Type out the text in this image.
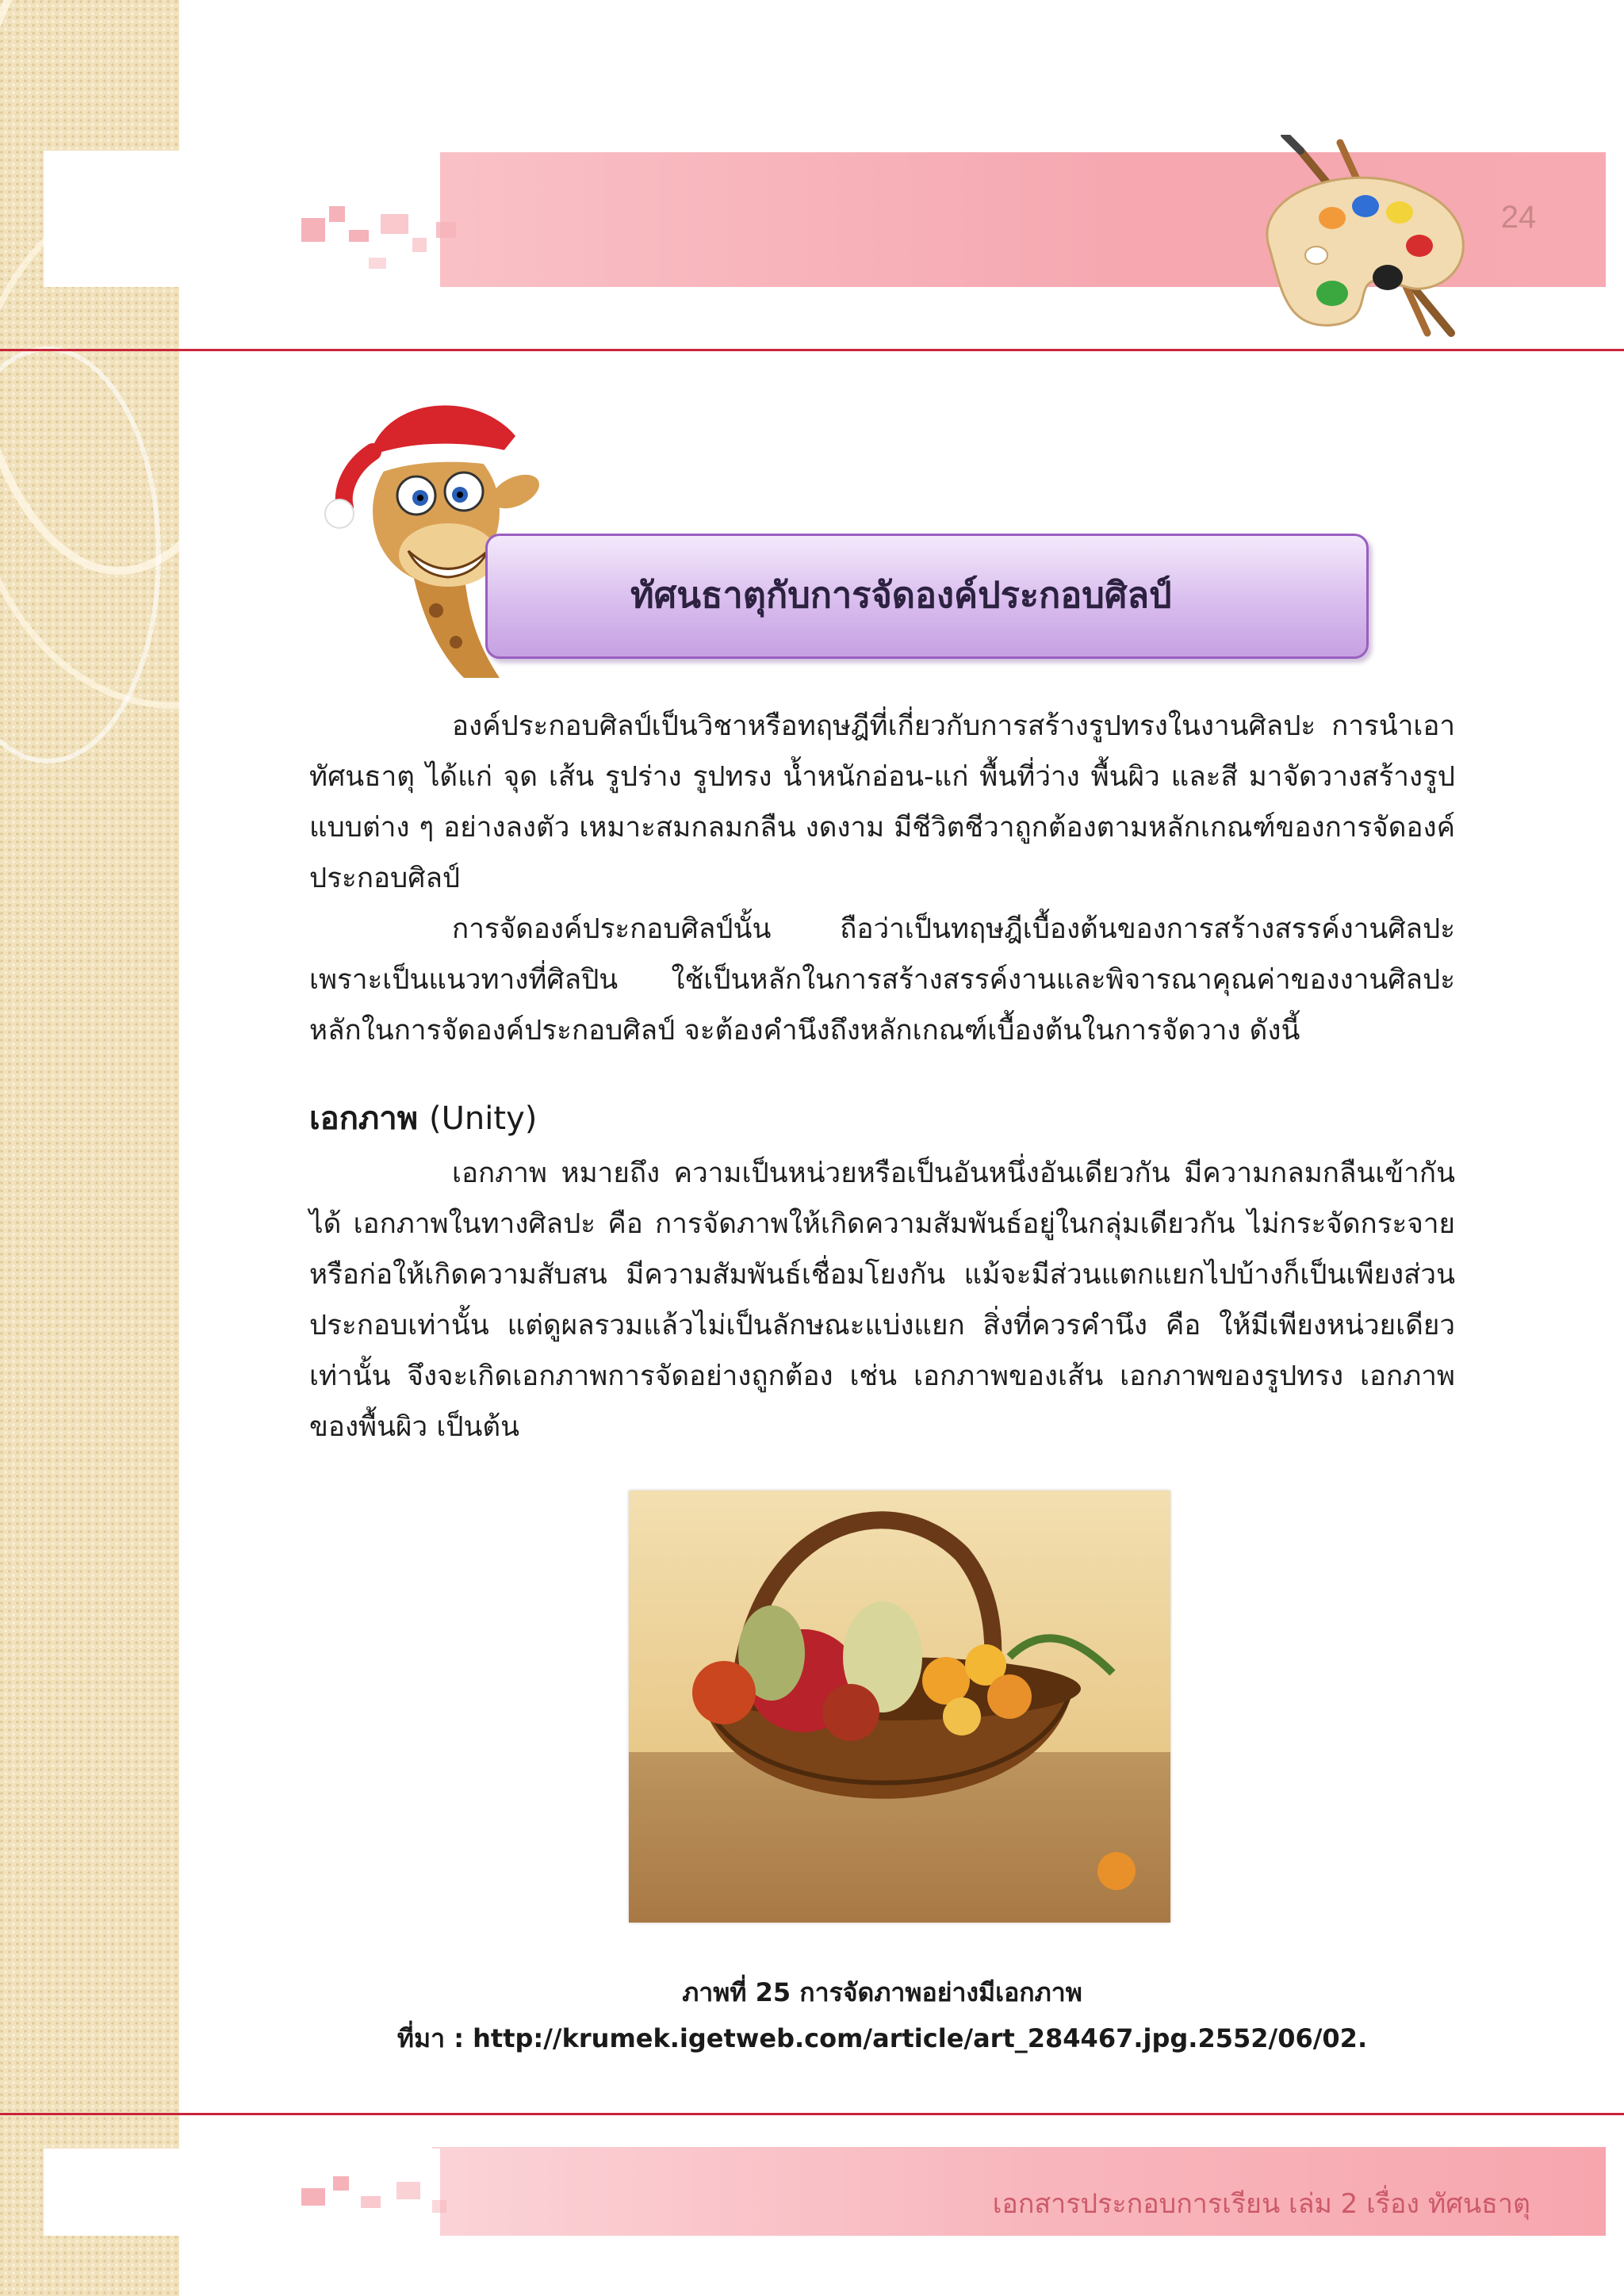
24
ทัศนธาตุกับการจัดองค์ประกอบศิลป์

องค์ประกอบศิลป์เป็นวิชาหรือทฤษฎีที่เกี่ยวกับการสร้างรูปทรงในงานศิลปะ การนำเอาทัศนธาตุ ได้แก่ จุด เส้น รูปร่าง รูปทรง น้ำหนักอ่อน-แก่ พื้นที่ว่าง พื้นผิว และสี มาจัดวางสร้างรูปแบบต่าง ๆ อย่างลงตัว เหมาะสมกลมกลืน งดงาม มีชีวิตชีวาถูกต้องตามหลักเกณฑ์ของการจัดองค์ประกอบศิลป์

การจัดองค์ประกอบศิลป์นั้น ถือว่าเป็นทฤษฎีเบื้องต้นของการสร้างสรรค์งานศิลปะ เพราะเป็นแนวทางที่ศิลปิน ใช้เป็นหลักในการสร้างสรรค์งานและพิจารณาคุณค่าของงานศิลปะ หลักในการจัดองค์ประกอบศิลป์ จะต้องคำนึงถึงหลักเกณฑ์เบื้องต้นในการจัดวาง ดังนี้

เอกภาพ (Unity)

เอกภาพ หมายถึง ความเป็นหน่วยหรือเป็นอันหนึ่งอันเดียวกัน มีความกลมกลืนเข้ากันได้ เอกภาพในทางศิลปะ คือ การจัดภาพให้เกิดความสัมพันธ์อยู่ในกลุ่มเดียวกัน ไม่กระจัดกระจาย หรือก่อให้เกิดความสับสน มีความสัมพันธ์เชื่อมโยงกัน แม้จะมีส่วนแตกแยกไปบ้างก็เป็นเพียงส่วนประกอบเท่านั้น แต่ดูผลรวมแล้วไม่เป็นลักษณะแบ่งแยก สิ่งที่ควรคำนึง คือ ให้มีเพียงหน่วยเดียวเท่านั้น จึงจะเกิดเอกภาพการจัดอย่างถูกต้อง เช่น เอกภาพของเส้น เอกภาพของรูปทรง เอกภาพของพื้นผิว เป็นต้น

ภาพที่ 25 การจัดภาพอย่างมีเอกภาพ
ที่มา : http://krumek.igetweb.com/article/art_284467.jpg.2552/06/02.
เอกสารประกอบการเรียน เล่ม 2 เรื่อง ทัศนธาตุ
